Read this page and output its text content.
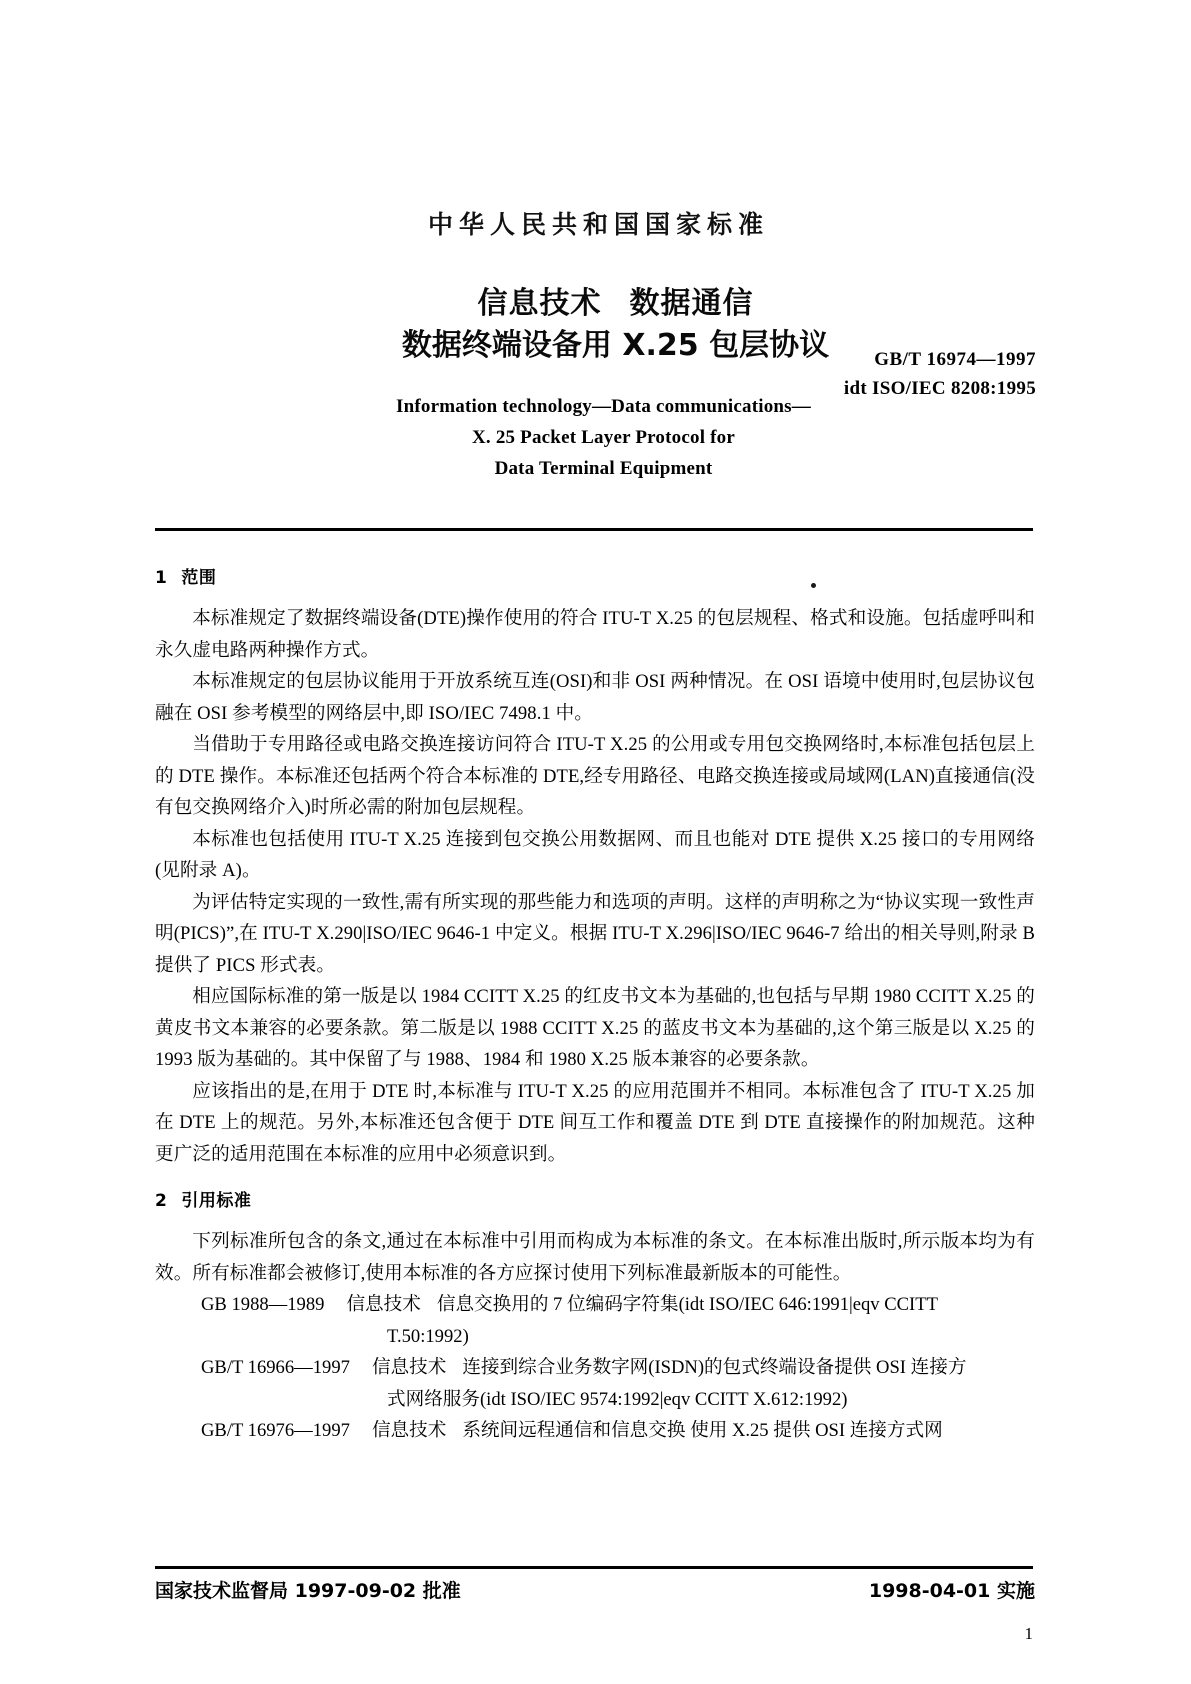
中华人民共和国国家标准
信息技术 数据通信
数据终端设备用 X.25 包层协议	GB/T 16974—1997
idt ISO/IEC 8208:1995
Information technology—Data communications—
X. 25 Packet Layer Protocol for
Data Terminal Equipment
1 范围

本标准规定了数据终端设备(DTE)操作使用的符合 ITU-T X.25 的包层规程、格式和设施。包括虚呼叫和永久虚电路两种操作方式。

本标准规定的包层协议能用于开放系统互连(OSI)和非 OSI 两种情况。在 OSI 语境中使用时,包层协议包融在 OSI 参考模型的网络层中,即 ISO/IEC 7498.1 中。

当借助于专用路径或电路交换连接访问符合 ITU-T X.25 的公用或专用包交换网络时,本标准包括包层上的 DTE 操作。本标准还包括两个符合本标准的 DTE,经专用路径、电路交换连接或局域网(LAN)直接通信(没有包交换网络介入)时所必需的附加包层规程。

本标准也包括使用 ITU-T X.25 连接到包交换公用数据网、而且也能对 DTE 提供 X.25 接口的专用网络(见附录 A)。

为评估特定实现的一致性,需有所实现的那些能力和选项的声明。这样的声明称之为“协议实现一致性声明(PICS)”,在 ITU-T X.290|ISO/IEC 9646-1 中定义。根据 ITU-T X.296|ISO/IEC 9646-7 给出的相关导则,附录 B 提供了 PICS 形式表。

相应国际标准的第一版是以 1984 CCITT X.25 的红皮书文本为基础的,也包括与早期 1980 CCITT X.25 的黄皮书文本兼容的必要条款。第二版是以 1988 CCITT X.25 的蓝皮书文本为基础的,这个第三版是以 X.25 的 1993 版为基础的。其中保留了与 1988、1984 和 1980 X.25 版本兼容的必要条款。

应该指出的是,在用于 DTE 时,本标准与 ITU-T X.25 的应用范围并不相同。本标准包含了 ITU-T X.25 加在 DTE 上的规范。另外,本标准还包含便于 DTE 间互工作和覆盖 DTE 到 DTE 直接操作的附加规范。这种更广泛的适用范围在本标准的应用中必须意识到。

2 引用标准

下列标准所包含的条文,通过在本标准中引用而构成为本标准的条文。在本标准出版时,所示版本均为有效。所有标准都会被修订,使用本标准的各方应探讨使用下列标准最新版本的可能性。

GB 1988—1989 信息技术 信息交换用的 7 位编码字符集(idt ISO/IEC 646:1991|eqv CCITT
T.50:1992)

GB/T 16966—1997 信息技术 连接到综合业务数字网(ISDN)的包式终端设备提供 OSI 连接方
式网络服务(idt ISO/IEC 9574:1992|eqv CCITT X.612:1992)

GB/T 16976—1997 信息技术 系统间远程通信和信息交换 使用 X.25 提供 OSI 连接方式网

国家技术监督局 1997-09-02 批准	1998-04-01 实施
1
